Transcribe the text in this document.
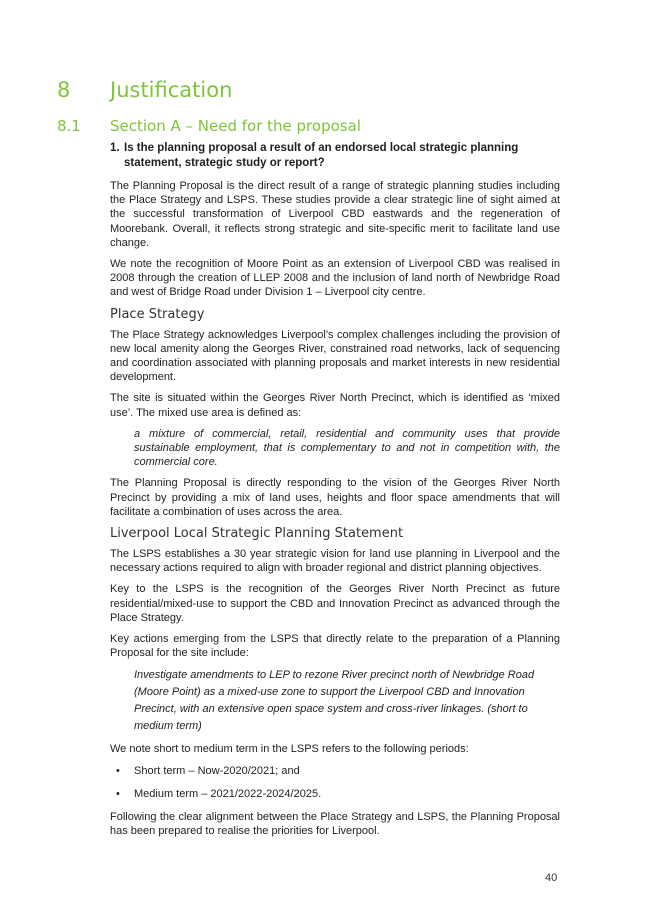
8 Justification
8.1 Section A – Need for the proposal
1. Is the planning proposal a result of an endorsed local strategic planning statement, strategic study or report?

The Planning Proposal is the direct result of a range of strategic planning studies including the Place Strategy and LSPS. These studies provide a clear strategic line of sight aimed at the successful transformation of Liverpool CBD eastwards and the regeneration of Moorebank. Overall, it reflects strong strategic and site-specific merit to facilitate land use change.

We note the recognition of Moore Point as an extension of Liverpool CBD was realised in 2008 through the creation of LLEP 2008 and the inclusion of land north of Newbridge Road and west of Bridge Road under Division 1 – Liverpool city centre.

Place Strategy

The Place Strategy acknowledges Liverpool’s complex challenges including the provision of new local amenity along the Georges River, constrained road networks, lack of sequencing and coordination associated with planning proposals and market interests in new residential development.

The site is situated within the Georges River North Precinct, which is identified as ‘mixed use’. The mixed use area is defined as:

a mixture of commercial, retail, residential and community uses that provide sustainable employment, that is complementary to and not in competition with, the commercial core.

The Planning Proposal is directly responding to the vision of the Georges River North Precinct by providing a mix of land uses, heights and floor space amendments that will facilitate a combination of uses across the area.

Liverpool Local Strategic Planning Statement

The LSPS establishes a 30 year strategic vision for land use planning in Liverpool and the necessary actions required to align with broader regional and district planning objectives.

Key to the LSPS is the recognition of the Georges River North Precinct as future residential/mixed-use to support the CBD and Innovation Precinct as advanced through the Place Strategy.

Key actions emerging from the LSPS that directly relate to the preparation of a Planning Proposal for the site include:

Investigate amendments to LEP to rezone River precinct north of Newbridge Road (Moore Point) as a mixed-use zone to support the Liverpool CBD and Innovation Precinct, with an extensive open space system and cross-river linkages. (short to medium term)

We note short to medium term in the LSPS refers to the following periods:

• Short term – Now-2020/2021; and
• Medium term – 2021/2022-2024/2025.

Following the clear alignment between the Place Strategy and LSPS, the Planning Proposal has been prepared to realise the priorities for Liverpool.

40
